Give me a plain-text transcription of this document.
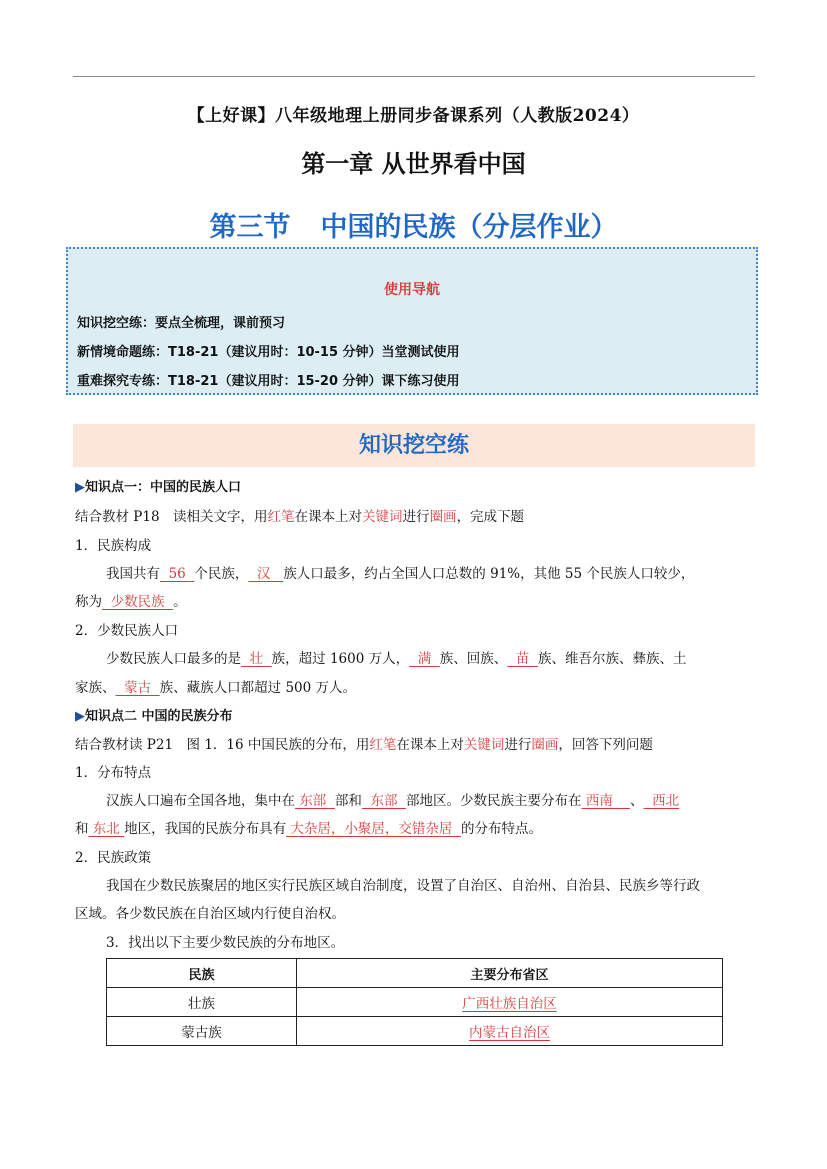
【上好课】八年级地理上册同步备课系列（人教版2024）
第一章 从世界看中国
第三节 中国的民族（分层作业）
使用导航
知识挖空练：要点全梳理，课前预习
新情境命题练：T18-21（建议用时：10-15 分钟）当堂测试使用
重难探究专练：T18-21（建议用时：15-20 分钟）课下练习使用
知识挖空练
▶知识点一：中国的民族人口
结合教材 P18　读相关文字，用红笔在课本上对关键词进行圈画，完成下题
1．民族构成
我国共有  56  个民族，  汉   族人口最多，约占全国人口总数的 91%，其他 55 个民族人口较少，
称为  少数民族  。
2．少数民族人口
少数民族人口最多的是  壮  族，超过 1600 万人，  满  族、回族、  苗  族、维吾尔族、彝族、土
家族、  蒙古  族、藏族人口都超过 500 万人。
▶知识点二 中国的民族分布
结合教材读 P21　图 1．16 中国民族的分布，用红笔在课本上对关键词进行圈画，回答下列问题
1．分布特点
汉族人口遍布全国各地，集中在 东部  部和  东部  部地区。少数民族主要分布在 西南    、  西北
和 东北 地区，我国的民族分布具有 大杂居，小聚居，交错杂居  的分布特点。
2．民族政策
我国在少数民族聚居的地区实行民族区域自治制度，设置了自治区、自治州、自治县、民族乡等行政
区域。各少数民族在自治区域内行使自治权。
3．找出以下主要少数民族的分布地区。
民族	主要分布省区
壮族	广西壮族自治区
蒙古族	内蒙古自治区
